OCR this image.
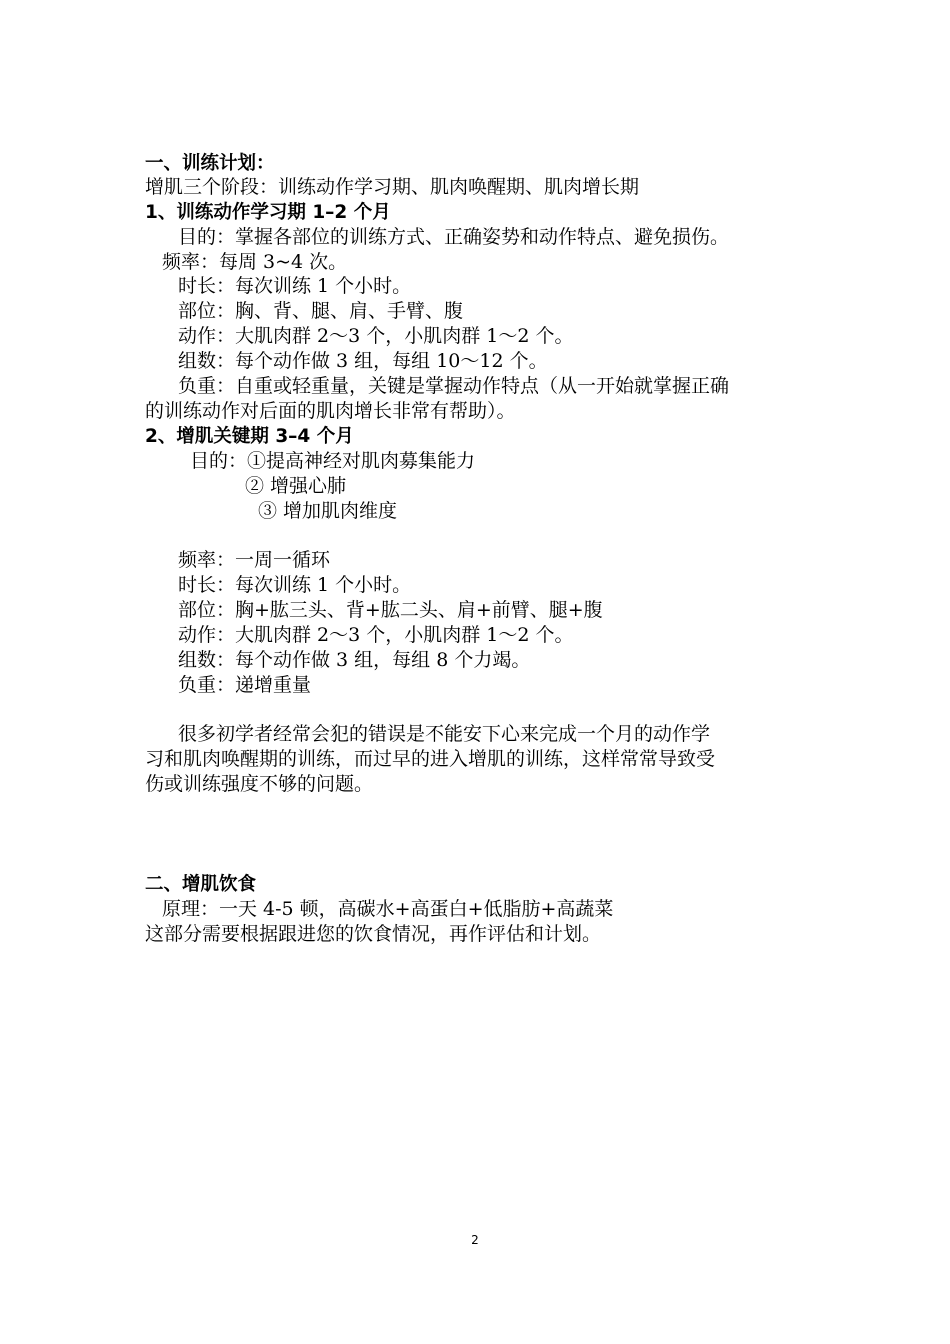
一、训练计划：
增肌三个阶段：训练动作学习期、肌肉唤醒期、肌肉增长期
1、训练动作学习期 1–2 个月
目的：掌握各部位的训练方式、正确姿势和动作特点、避免损伤。
频率：每周 3~4 次。
时长：每次训练 1 个小时。
部位：胸、背、腿、肩、手臂、腹
动作：大肌肉群 2～3 个，小肌肉群 1～2 个。
组数：每个动作做 3 组，每组 10～12 个。
负重：自重或轻重量，关键是掌握动作特点（从一开始就掌握正确
的训练动作对后面的肌肉增长非常有帮助）。
2、增肌关键期 3–4 个月
目的：①提高神经对肌肉募集能力
② 增强心肺
③ 增加肌肉维度
频率：一周一循环
时长：每次训练 1 个小时。
部位：胸+肱三头、背+肱二头、肩+前臂、腿+腹
动作：大肌肉群 2～3 个，小肌肉群 1～2 个。
组数：每个动作做 3 组，每组 8 个力竭。
负重：递增重量
很多初学者经常会犯的错误是不能安下心来完成一个月的动作学
习和肌肉唤醒期的训练，而过早的进入增肌的训练，这样常常导致受
伤或训练强度不够的问题。
二、增肌饮食
原理：一天 4-5 顿，高碳水+高蛋白+低脂肪+高蔬菜
这部分需要根据跟进您的饮食情况，再作评估和计划。
2
